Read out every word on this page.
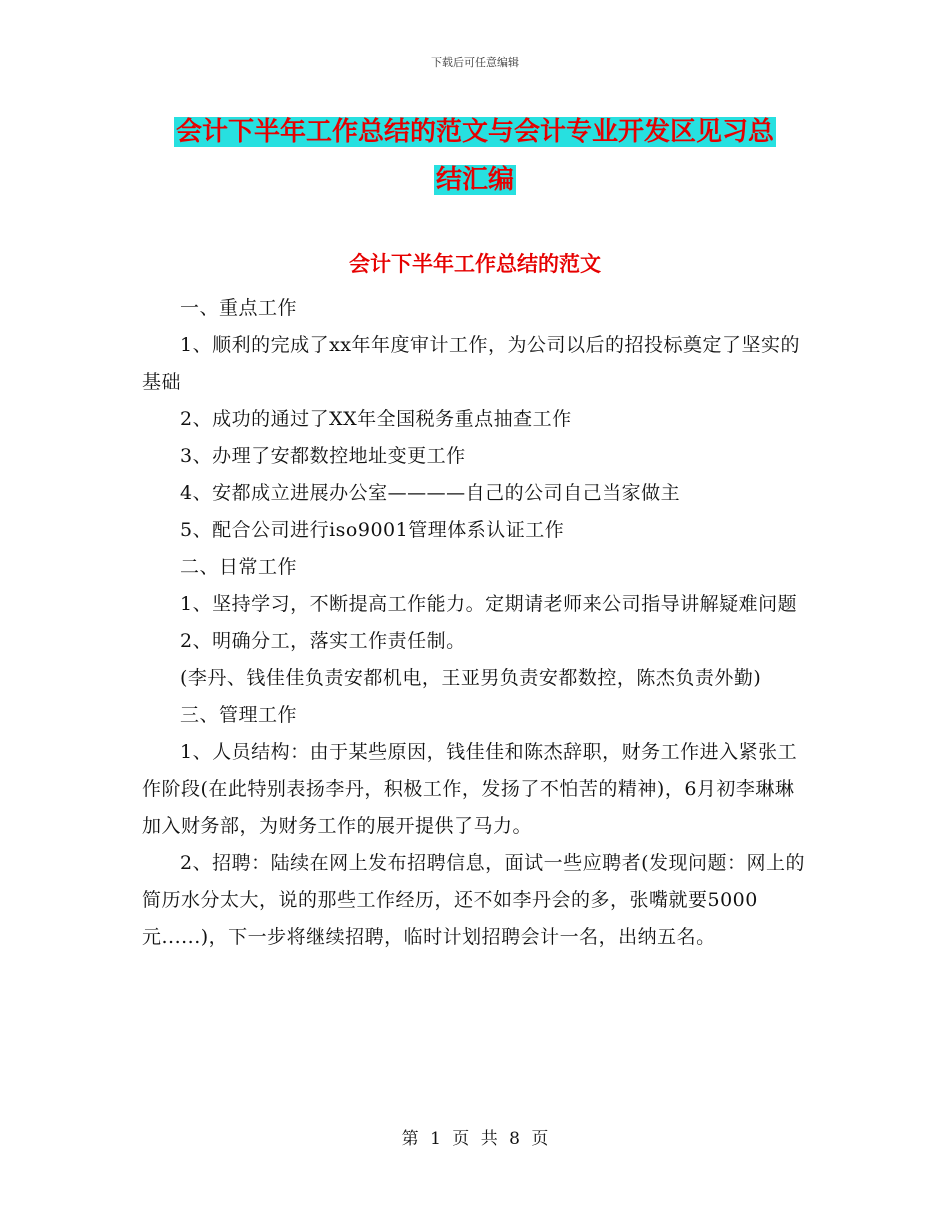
下载后可任意编辑
会计下半年工作总结的范文与会计专业开发区见习总
结汇编
会计下半年工作总结的范文

一、重点工作

1、顺利的完成了xx年年度审计工作，为公司以后的招投标奠定了坚实的基础

2、成功的通过了XX年全国税务重点抽查工作

3、办理了安都数控地址变更工作

4、安都成立进展办公室————自己的公司自己当家做主

5、配合公司进行iso9001管理体系认证工作

二、日常工作

1、坚持学习，不断提高工作能力。定期请老师来公司指导讲解疑难问题

2、明确分工，落实工作责任制。

(李丹、钱佳佳负责安都机电，王亚男负责安都数控，陈杰负责外勤)

三、管理工作

1、人员结构：由于某些原因，钱佳佳和陈杰辞职，财务工作进入紧张工作阶段(在此特别表扬李丹，积极工作，发扬了不怕苦的精神)，6月初李琳琳加入财务部，为财务工作的展开提供了马力。

2、招聘：陆续在网上发布招聘信息，面试一些应聘者(发现问题：网上的简历水分太大，说的那些工作经历，还不如李丹会的多，张嘴就要5000元......)，下一步将继续招聘，临时计划招聘会计一名，出纳五名。

第 1 页 共 8 页
